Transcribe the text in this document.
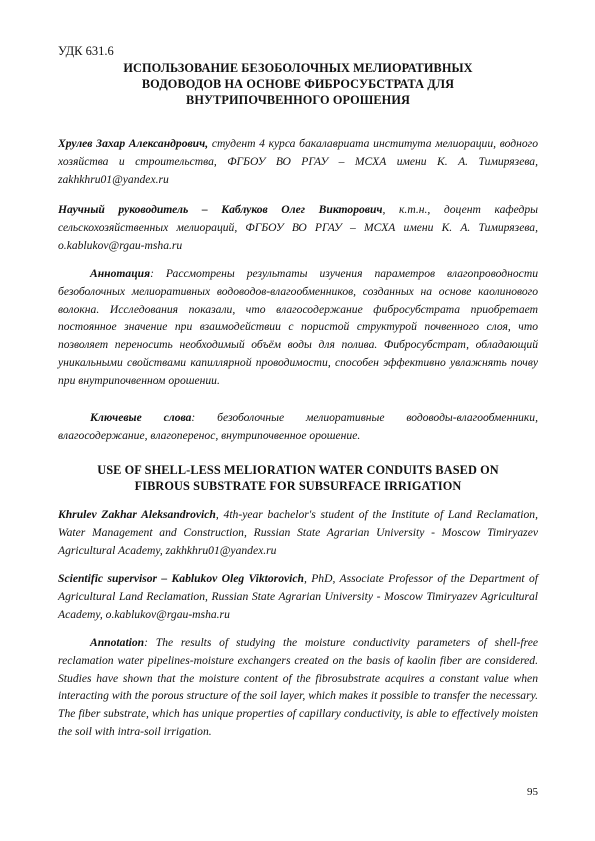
УДК 631.6
ИСПОЛЬЗОВАНИЕ БЕЗОБОЛОЧНЫХ МЕЛИОРАТИВНЫХ
ВОДОВОДОВ НА ОСНОВЕ ФИБРОСУБСТРАТА ДЛЯ
ВНУТРИПОЧВЕННОГО ОРОШЕНИЯ
Хрулев Захар Александрович, студент 4 курса бакалавриата института мелиорации, водного хозяйства и строительства, ФГБОУ ВО РГАУ – МСХА имени К. А. Тимирязева, zakhkhru01@yandex.ru
Научный руководитель – Каблуков Олег Викторович, к.т.н., доцент кафедры сельскохозяйственных мелиораций, ФГБОУ ВО РГАУ – МСХА имени К. А. Тимирязева, o.kablukov@rgau-msha.ru
Аннотация: Рассмотрены результаты изучения параметров влагопроводности безоболочных мелиоративных водоводов-влагообменников, созданных на основе каолинового волокна. Исследования показали, что влагосодержание фибросубстрата приобретает постоянное значение при взаимодействии с пористой структурой почвенного слоя, что позволяет переносить необходимый объём воды для полива. Фибросубстрат, обладающий уникальными свойствами капиллярной проводимости, способен эффективно увлажнять почву при внутрипочвенном орошении.
Ключевые слова: безоболочные мелиоративные водоводы-влагообменники, влагосодержание, влагоперенос, внутрипочвенное орошение.
USE OF SHELL-LESS MELIORATION WATER CONDUITS BASED ON
FIBROUS SUBSTRATE FOR SUBSURFACE IRRIGATION
Khrulev Zakhar Aleksandrovich, 4th-year bachelor's student of the Institute of Land Reclamation, Water Management and Construction, Russian State Agrarian University - Moscow Timiryazev Agricultural Academy, zakhkhru01@yandex.ru
Scientific supervisor – Kablukov Oleg Viktorovich, PhD, Associate Professor of the Department of Agricultural Land Reclamation, Russian State Agrarian University - Moscow Timiryazev Agricultural Academy, o.kablukov@rgau-msha.ru
Annotation: The results of studying the moisture conductivity parameters of shell-free reclamation water pipelines-moisture exchangers created on the basis of kaolin fiber are considered. Studies have shown that the moisture content of the fibrosubstrate acquires a constant value when interacting with the porous structure of the soil layer, which makes it possible to transfer the necessary. The fiber substrate, which has unique properties of capillary conductivity, is able to effectively moisten the soil with intra-soil irrigation.
95
